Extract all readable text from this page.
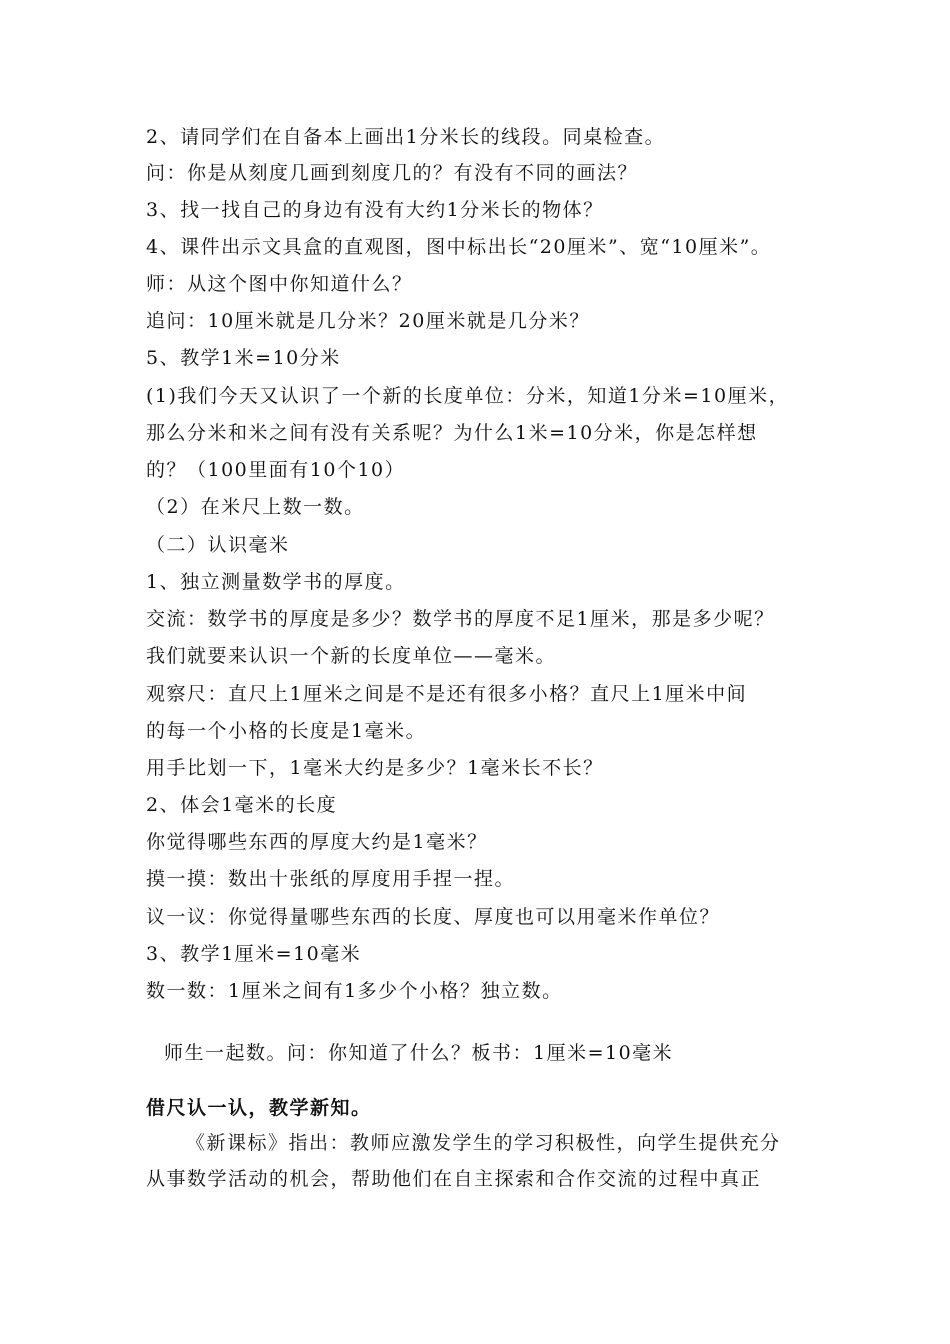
2、请同学们在自备本上画出1分米长的线段。同桌检查。
问：你是从刻度几画到刻度几的？有没有不同的画法？
3、找一找自己的身边有没有大约1分米长的物体？
4、课件出示文具盒的直观图，图中标出长“20厘米”、宽“10厘米”。
师：从这个图中你知道什么？
追问：10厘米就是几分米？20厘米就是几分米？
5、教学1米=10分米
(1)我们今天又认识了一个新的长度单位：分米，知道1分米=10厘米，
那么分米和米之间有没有关系呢？为什么1米=10分米，你是怎样想
的？（100里面有10个10）
（2）在米尺上数一数。
（二）认识毫米
1、独立测量数学书的厚度。
交流：数学书的厚度是多少？数学书的厚度不足1厘米，那是多少呢？
我们就要来认识一个新的长度单位——毫米。
观察尺：直尺上1厘米之间是不是还有很多小格？直尺上1厘米中间
的每一个小格的长度是1毫米。
用手比划一下，1毫米大约是多少？1毫米长不长？
2、体会1毫米的长度
你觉得哪些东西的厚度大约是1毫米？
摸一摸：数出十张纸的厚度用手捏一捏。
议一议：你觉得量哪些东西的长度、厚度也可以用毫米作单位？
3、教学1厘米=10毫米
数一数：1厘米之间有1多少个小格？独立数。
师生一起数。问：你知道了什么？板书：1厘米=10毫米
借尺认一认，教学新知。
《新课标》指出：教师应激发学生的学习积极性，向学生提供充分
从事数学活动的机会，帮助他们在自主探索和合作交流的过程中真正
